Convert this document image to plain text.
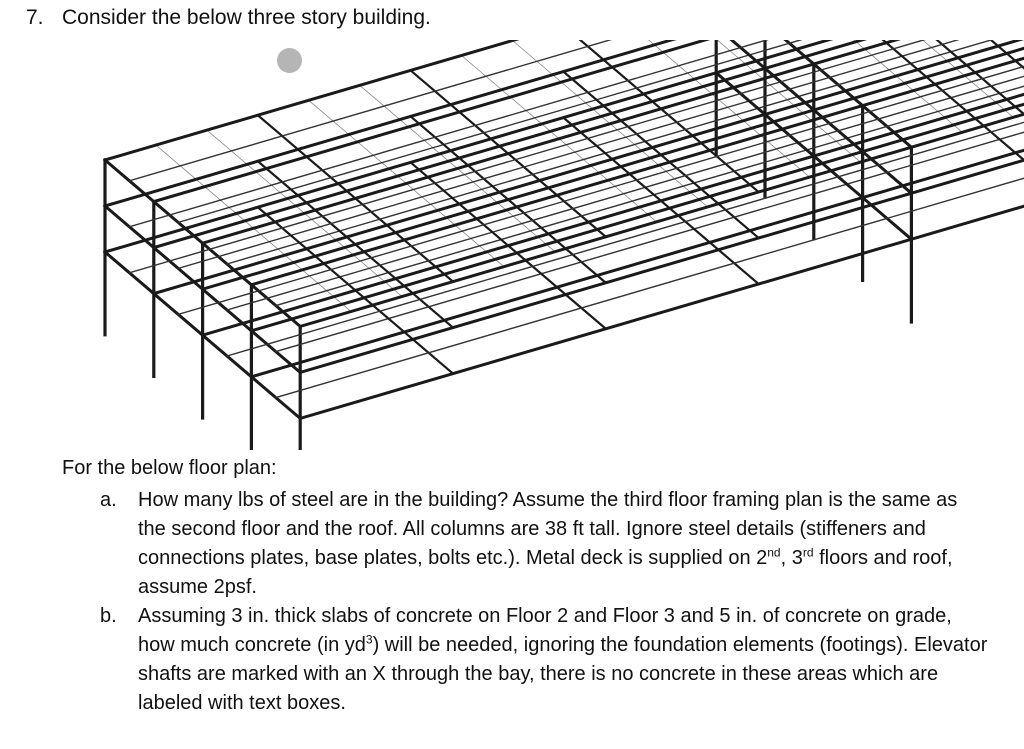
7. Consider the below three story building.
For the below floor plan:
a.	How many lbs of steel are in the building? Assume the third floor framing plan is the same as the second floor and the roof. All columns are 38 ft tall. Ignore steel details (stiffeners and connections plates, base plates, bolts etc.). Metal deck is supplied on 2nd, 3rd floors and roof, assume 2psf.
b.	Assuming 3 in. thick slabs of concrete on Floor 2 and Floor 3 and 5 in. of concrete on grade, how much concrete (in $yd^3$) will be needed, ignoring the foundation elements (footings). Elevator shafts are marked with an X through the bay, there is no concrete in these areas which are labeled with text boxes.
